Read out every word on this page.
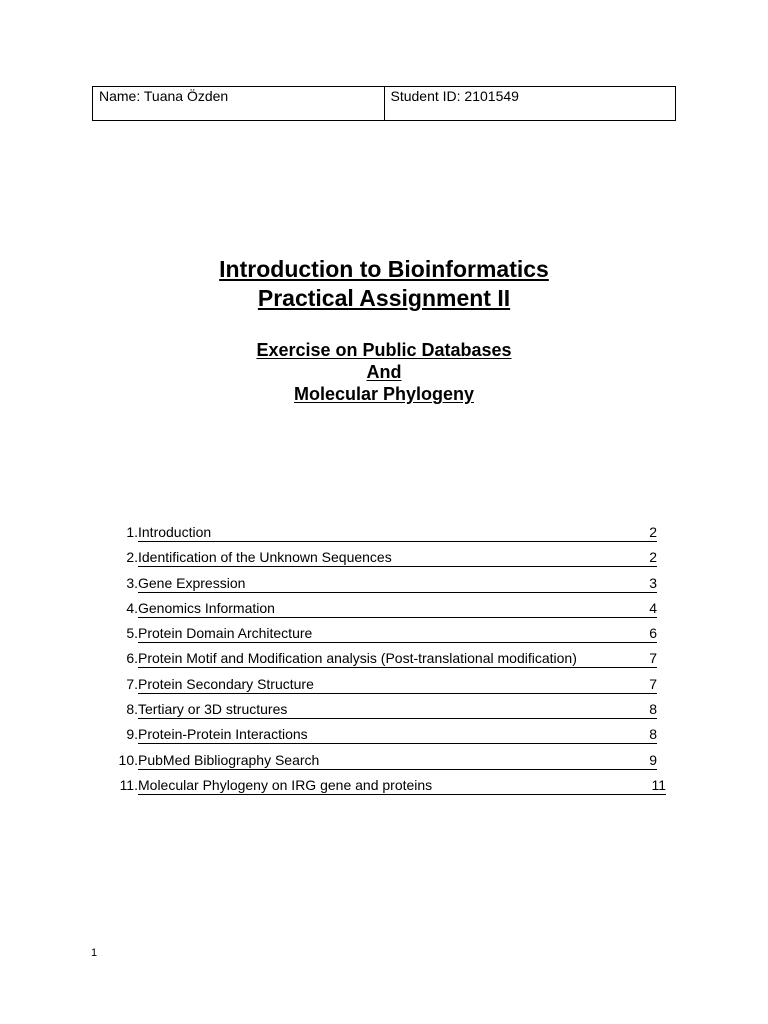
Name: Tuana Özden	Student ID: 2101549
Introduction to Bioinformatics
Practical Assignment II
Exercise on Public Databases
And
Molecular Phylogeny
1. Introduction	2
2. Identification of the Unknown Sequences	2
3. Gene Expression	3
4. Genomics Information	4
5. Protein Domain Architecture	6
6. Protein Motif and Modification analysis (Post-translational modification)	7
7. Protein Secondary Structure	7
8. Tertiary or 3D structures	8
9. Protein-Protein Interactions	8
10. PubMed Bibliography Search	9
11. Molecular Phylogeny on IRG gene and proteins	11
1
